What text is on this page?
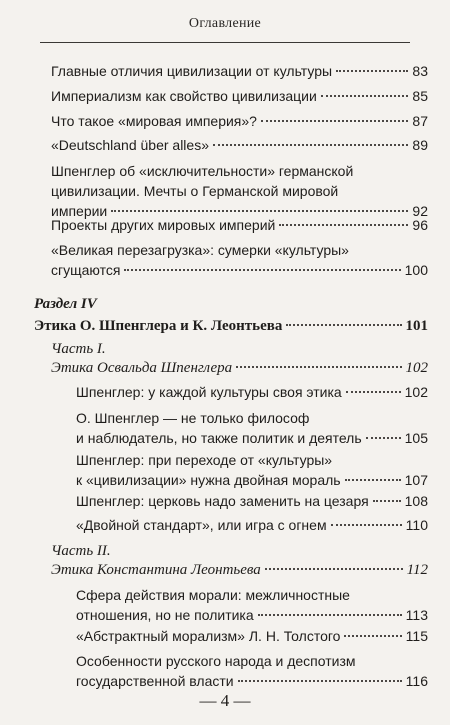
Оглавление
Главные отличия цивилизации от культуры	83
Империализм как свойство цивилизации	85
Что такое «мировая империя»?	87
«Deutschland über alles»	89
Шпенглер об «исключительности» германской
цивилизации. Мечты о Германской мировой
империи	92
Проекты других мировых империй	96
«Великая перезагрузка»: сумерки «культуры»
сгущаются	100
Раздел IV
Этика О. Шпенглера и К. Леонтьева	101
Часть I.
Этика Освальда Шпенглера	102
Шпенглер: у каждой культуры своя этика	102
О. Шпенглер — не только философ
и наблюдатель, но также политик и деятель	105
Шпенглер: при переходе от «культуры»
к «цивилизации» нужна двойная мораль	107
Шпенглер: церковь надо заменить на цезаря	108
«Двойной стандарт», или игра с огнем	110
Часть II.
Этика Константина Леонтьева	112
Сфера действия морали: межличностные
отношения, но не политика	113
«Абстрактный морализм» Л. Н. Толстого	115
Особенности русского народа и деспотизм
государственной власти	116
— 4 —
